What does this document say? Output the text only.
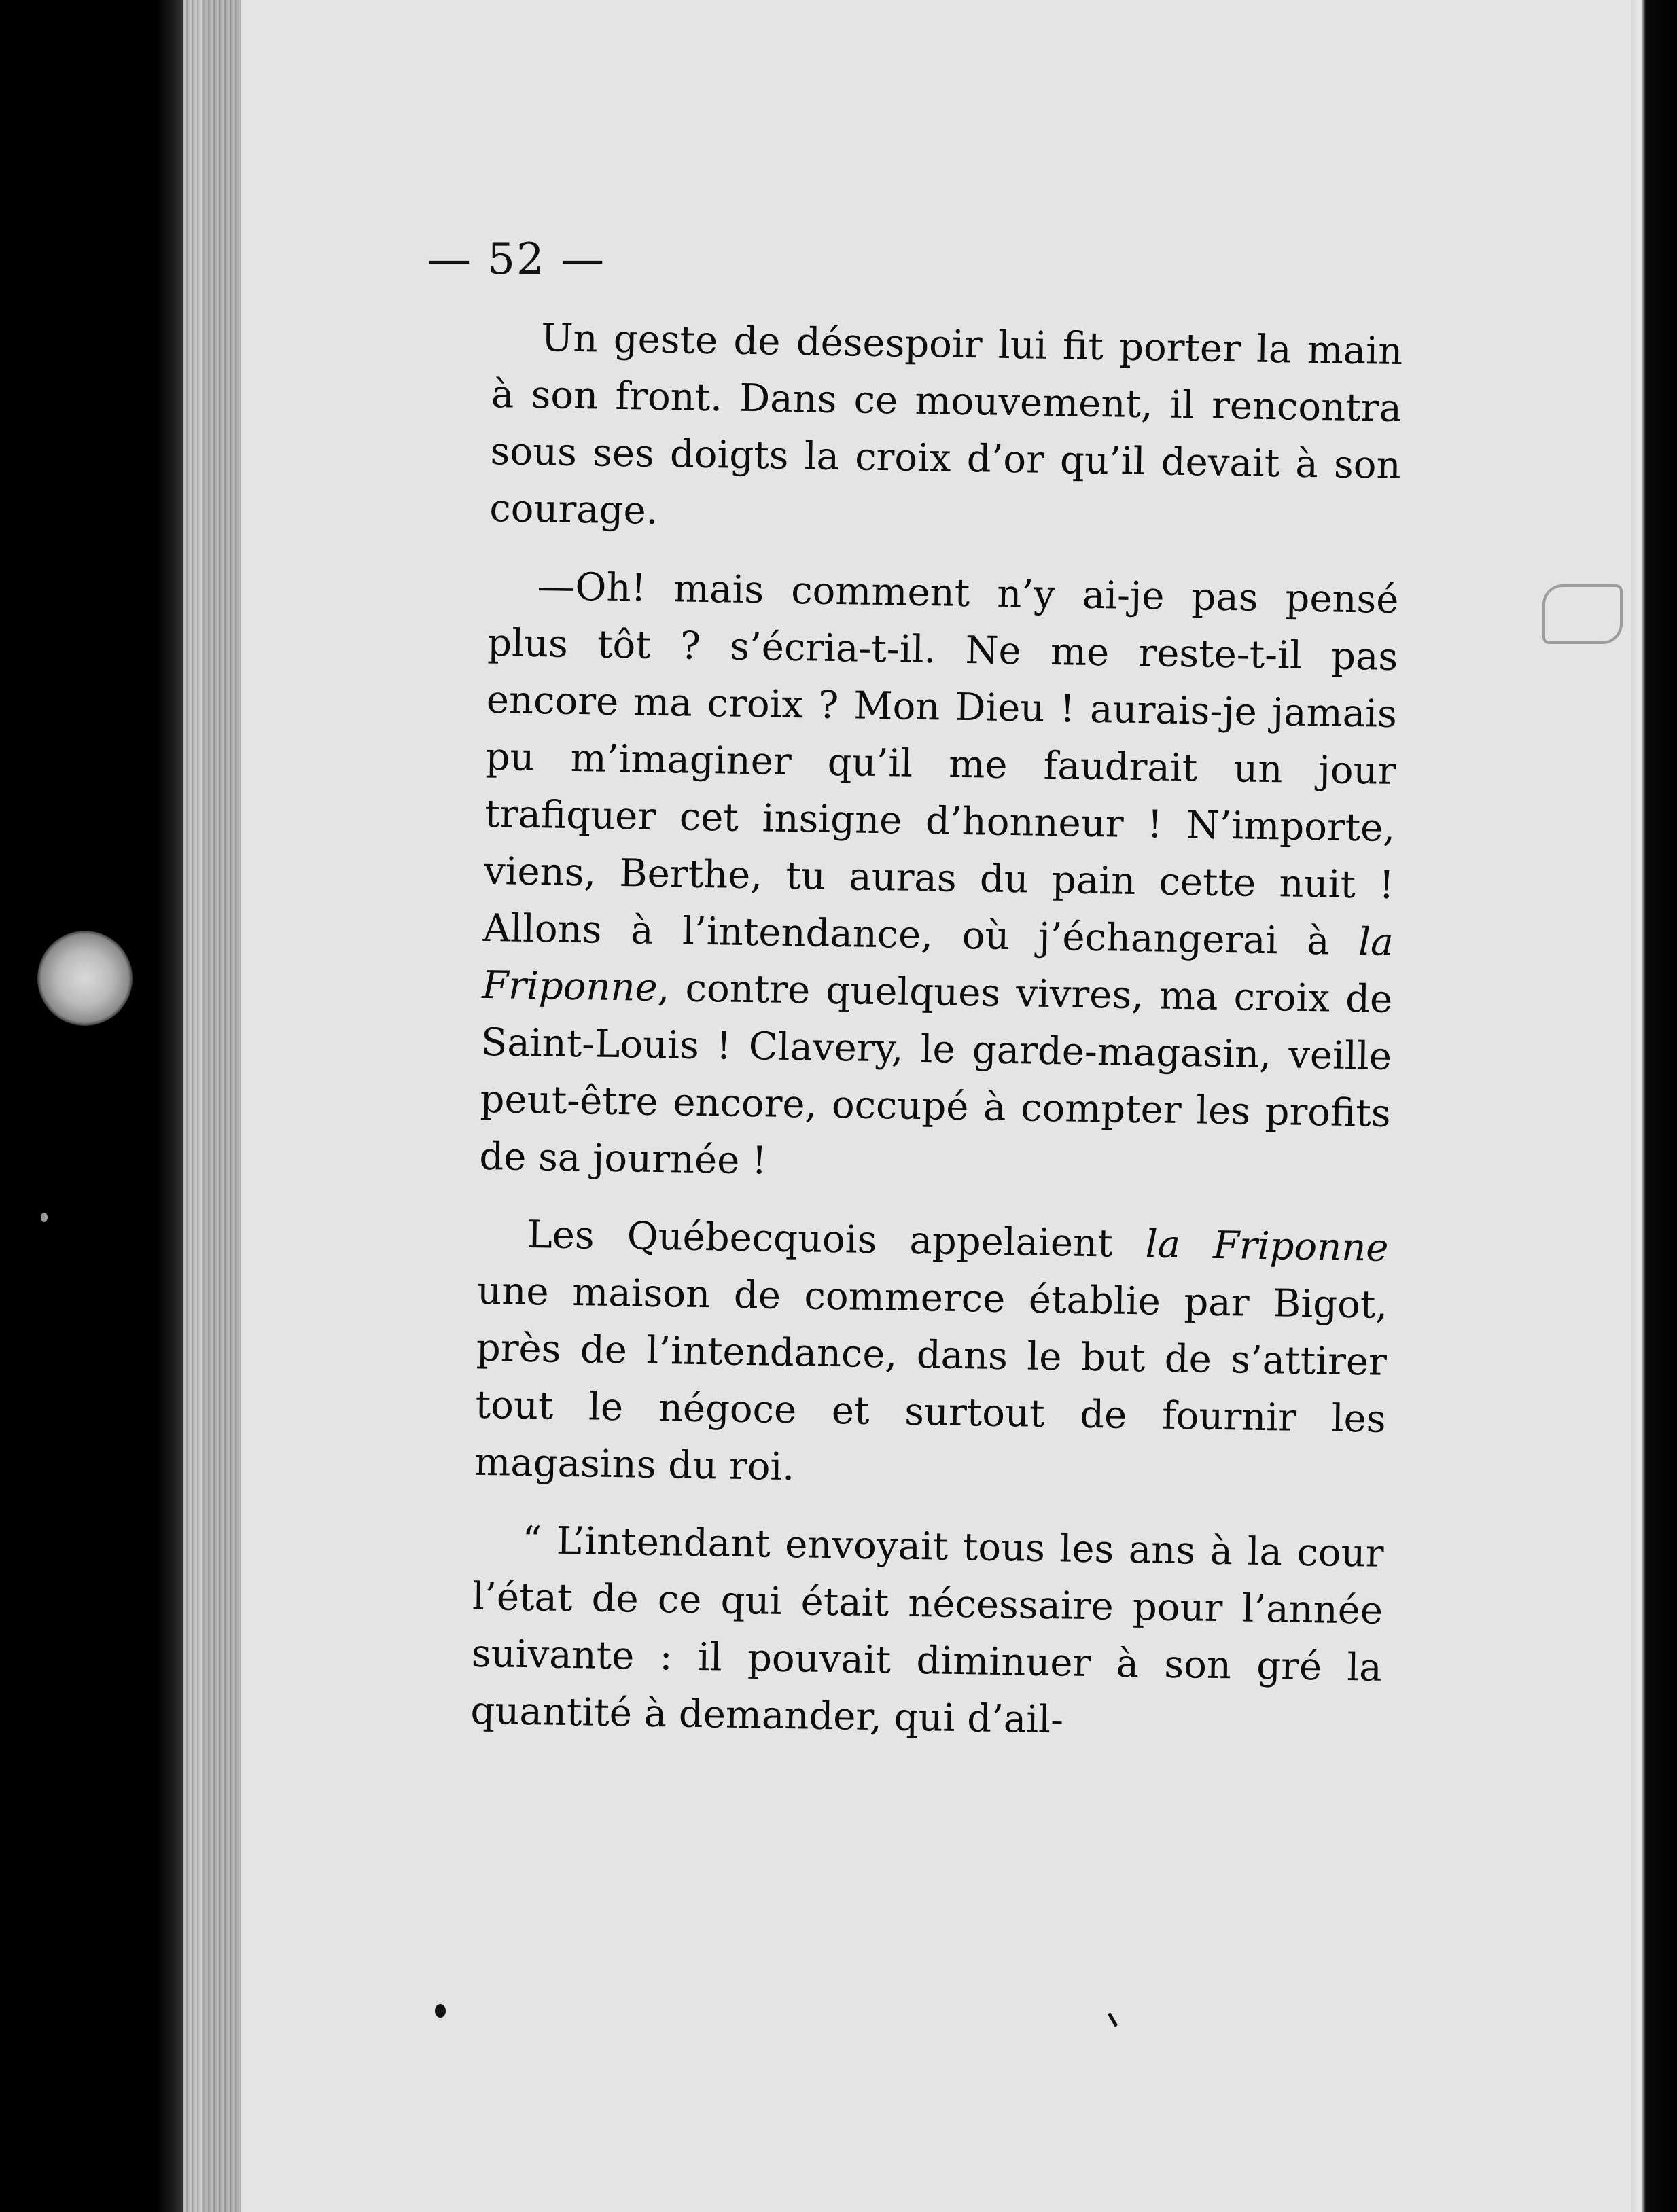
— 52 —

Un geste de désespoir lui fit porter la main à son front. Dans ce mouvement, il rencontra sous ses doigts la croix d’or qu’il devait à son courage.

—Oh! mais comment n’y ai-je pas pensé plus tôt ? s’écria-t-il. Ne me reste-t-il pas encore ma croix ? Mon Dieu ! aurais-je jamais pu m’imaginer qu’il me faudrait un jour trafiquer cet insigne d’honneur ! N’importe, viens, Berthe, tu auras du pain cette nuit ! Allons à l’intendance, où j’échangerai à la Friponne, contre quelques vivres, ma croix de Saint-Louis ! Clavery, le garde-magasin, veille peut-être encore, occupé à compter les profits de sa journée !

Les Québecquois appelaient la Friponne une maison de commerce établie par Bigot, près de l’intendance, dans le but de s’attirer tout le négoce et surtout de fournir les magasins du roi.

“ L’intendant envoyait tous les ans à la cour l’état de ce qui était nécessaire pour l’année suivante : il pouvait diminuer à son gré la quantité à demander, qui d’ail-
